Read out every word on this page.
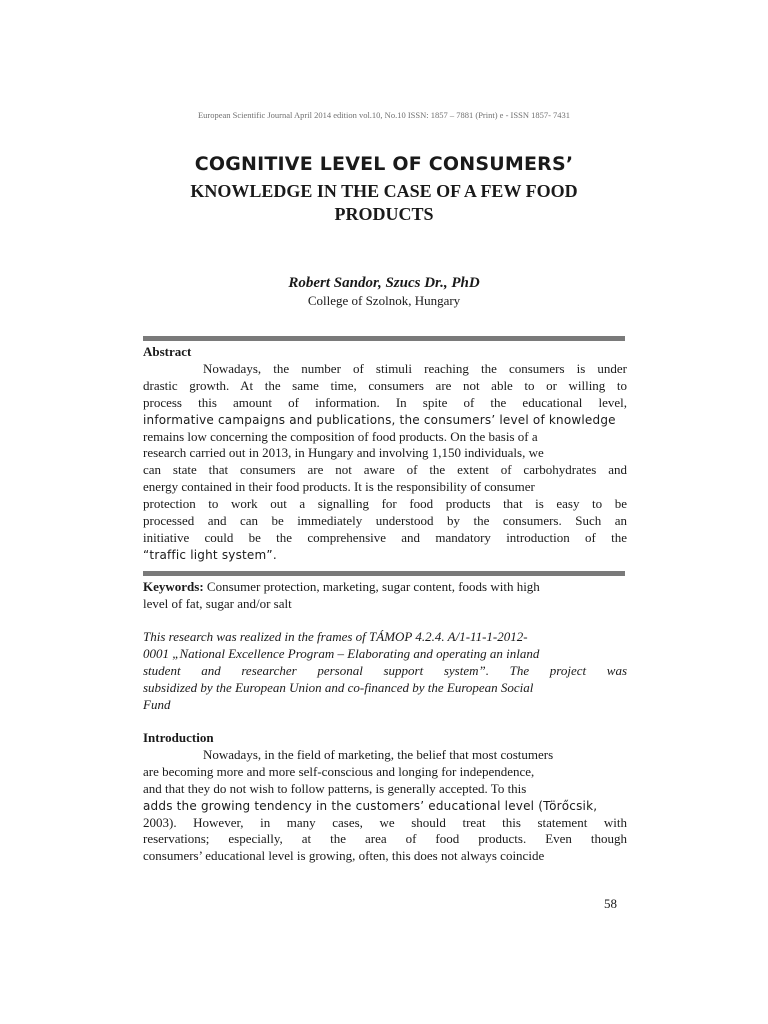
European Scientific Journal April 2014 edition vol.10, No.10 ISSN: 1857 – 7881 (Print) e - ISSN 1857- 7431
COGNITIVE LEVEL OF CONSUMERS’
KNOWLEDGE IN THE CASE OF A FEW FOOD
PRODUCTS
Robert Sandor, Szucs Dr., PhD
College of Szolnok, Hungary
Abstract
Nowadays, the number of stimuli reaching the consumers is under
drastic growth. At the same time, consumers are not able to or willing to
process this amount of information. In spite of the educational level,
informative campaigns and publications, the consumers’ level of knowledge
remains low concerning the composition of food products. On the basis of a
research carried out in 2013, in Hungary and involving 1,150 individuals, we
can state that consumers are not aware of the extent of carbohydrates and
energy contained in their food products. It is the responsibility of consumer
protection to work out a signalling for food products that is easy to be
processed and can be immediately understood by the consumers. Such an
initiative could be the comprehensive and mandatory introduction of the
“traffic light system”.
Keywords: Consumer protection, marketing, sugar content, foods with high
level of fat, sugar and/or salt
This research was realized in the frames of TÁMOP 4.2.4. A/1-11-1-2012-
0001 „National Excellence Program – Elaborating and operating an inland
student and researcher personal support system”. The project was
subsidized by the European Union and co-financed by the European Social
Fund
Introduction
Nowadays, in the field of marketing, the belief that most costumers
are becoming more and more self-conscious and longing for independence,
and that they do not wish to follow patterns, is generally accepted. To this
adds the growing tendency in the customers’ educational level (Törőcsik,
2003). However, in many cases, we should treat this statement with
reservations; especially, at the area of food products. Even though
consumers’ educational level is growing, often, this does not always coincide
58
